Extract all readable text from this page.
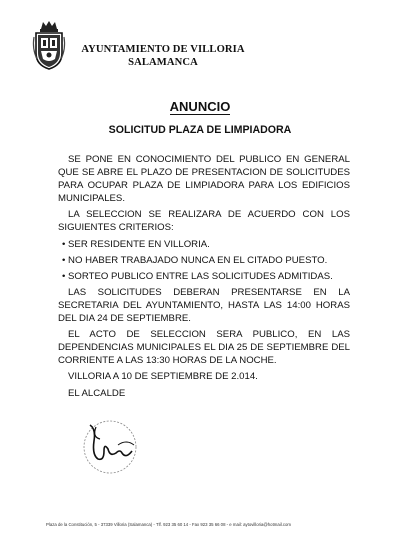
AYUNTAMIENTO DE VILLORIA
SALAMANCA
ANUNCIO
SOLICITUD PLAZA DE LIMPIADORA

SE PONE EN CONOCIMIENTO DEL PUBLICO EN GENERAL QUE SE ABRE EL PLAZO DE PRESENTACION DE SOLICITUDES PARA OCUPAR PLAZA DE LIMPIADORA PARA LOS EDIFICIOS MUNICIPALES.

LA SELECCION SE REALIZARA DE ACUERDO CON LOS SIGUIENTES CRITERIOS:

• SER RESIDENTE EN VILLORIA.
• NO HABER TRABAJADO NUNCA EN EL CITADO PUESTO.
• SORTEO PUBLICO ENTRE LAS SOLICITUDES ADMITIDAS.

LAS SOLICITUDES DEBERAN PRESENTARSE EN LA SECRETARIA DEL AYUNTAMIENTO, HASTA LAS 14:00 HORAS DEL DIA 24 DE SEPTIEMBRE.

EL ACTO DE SELECCION SERA PUBLICO, EN LAS DEPENDENCIAS MUNICIPALES EL DIA 25 DE SEPTIEMBRE DEL CORRIENTE A LAS 13:30 HORAS DE LA NOCHE.

VILLORIA A 10 DE SEPTIEMBRE DE 2.014.

EL ALCALDE

Plaza de la Constitución, 5 - 37339 Villoria (Salamanca) - Tlf. 923 35 60 14 - Fax 923 35 66 08 - e mail: aytovilloria@hotmail.com
